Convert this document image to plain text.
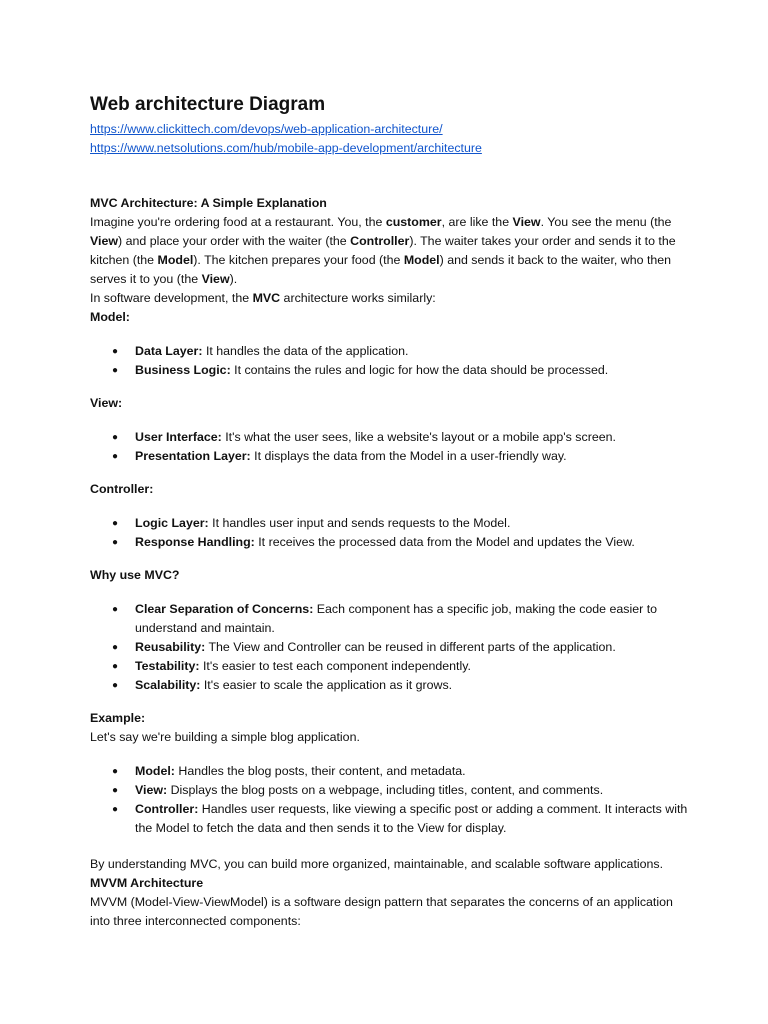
Web architecture Diagram
https://www.clickittech.com/devops/web-application-architecture/
https://www.netsolutions.com/hub/mobile-app-development/architecture

MVC Architecture: A Simple Explanation

Imagine you're ordering food at a restaurant. You, the customer, are like the View. You see the menu (the View) and place your order with the waiter (the Controller). The waiter takes your order and sends it to the kitchen (the Model). The kitchen prepares your food (the Model) and sends it back to the waiter, who then serves it to you (the View).

In software development, the MVC architecture works similarly:

Model:

● Data Layer: It handles the data of the application.
● Business Logic: It contains the rules and logic for how the data should be processed.

View:

● User Interface: It's what the user sees, like a website's layout or a mobile app's screen.
● Presentation Layer: It displays the data from the Model in a user-friendly way.

Controller:

● Logic Layer: It handles user input and sends requests to the Model.
● Response Handling: It receives the processed data from the Model and updates the View.

Why use MVC?

● Clear Separation of Concerns: Each component has a specific job, making the code easier to understand and maintain.
● Reusability: The View and Controller can be reused in different parts of the application.
● Testability: It's easier to test each component independently.
● Scalability: It's easier to scale the application as it grows.

Example:

Let's say we're building a simple blog application.

● Model: Handles the blog posts, their content, and metadata.
● View: Displays the blog posts on a webpage, including titles, content, and comments.
● Controller: Handles user requests, like viewing a specific post or adding a comment. It interacts with the Model to fetch the data and then sends it to the View for display.

By understanding MVC, you can build more organized, maintainable, and scalable software applications.

MVVM Architecture

MVVM (Model-View-ViewModel) is a software design pattern that separates the concerns of an application into three interconnected components:
